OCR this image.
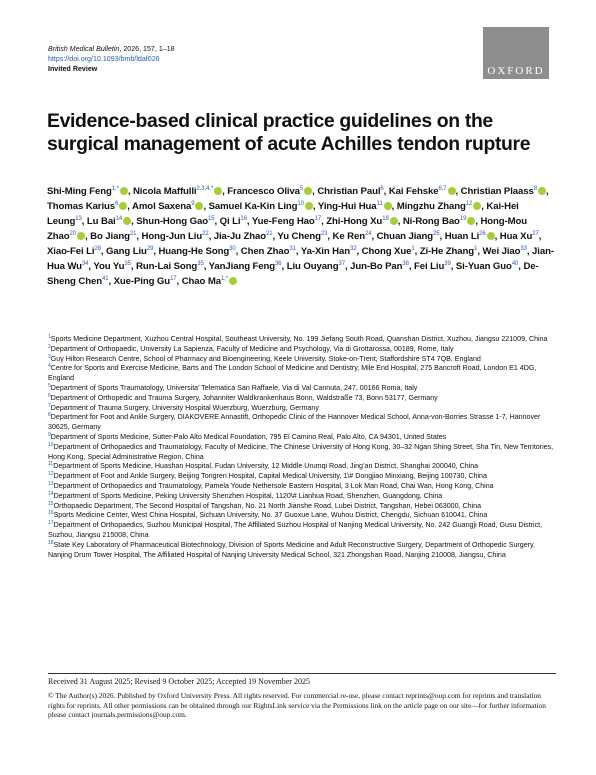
British Medical Bulletin, 2026, 157, 1–18
https://doi.org/10.1093/bmb/ldaf026
Invited Review	OXFORD
Evidence-based clinical practice guidelines on the surgical management of acute Achilles tendon rupture

Shi-Ming Feng$^{1,*}$ , Nicola Maffulli$^{2,3,4,*}$ , Francesco Oliva$^5$ , Christian Paul$^6$, Kai Fehske$^{6,7}$ , Christian Plaass$^8$ , Thomas Karius$^6$ , Amol Saxena$^9$ , Samuel Ka-Kin Ling$^{10}$ , Ying-Hui Hua$^{11}$ , Mingzhu Zhang$^{12}$ , Kai-Hei Leung$^{13}$, Lu Bai$^{14}$ , Shun-Hong Gao$^{15}$, Qi Li$^{16}$, Yue-Feng Hao$^{17}$, Zhi-Hong Xu$^{18}$ , Ni-Rong Bao$^{19}$ , Hong-Mou Zhao$^{20}$ , Bo Jiang$^{21}$, Hong-Jun Liu$^{22}$, Jia-Ju Zhao$^{21}$, Yu Cheng$^{23}$, Ke Ren$^{24}$, Chuan Jiang$^{25}$, Huan Li$^{26}$ , Hua Xu$^{27}$, Xiao-Fei Li$^{28}$, Gang Liu$^{29}$, Huang-He Song$^{30}$, Chen Zhao$^{31}$, Ya-Xin Han$^{32}$, Chong Xue$^1$, Zi-He Zhang$^1$, Wei Jiao$^{33}$, Jian-Hua Wu$^{34}$, You Yu$^{35}$, Run-Lai Song$^{35}$, YanJiang Feng$^{36}$, Liu Ouyang$^{37}$, Jun-Bo Pan$^{38}$, Fei Liu$^{39}$, Si-Yuan Guo$^{40}$, De-Sheng Chen$^{41}$, Xue-Ping Gu$^{17}$, Chao $Ma^{1,*}$

$^1$Sports Medicine Department, Xuzhou Central Hospital, Southeast University, No. 199 Jiefang South Road, Quanshan District, Xuzhou, Jiangsu 221009, China

$^2$Department of Orthopaedic, University La Sapienza, Faculty of Medicine and Psychology, Via di Grottarossa, 00189, Rome, Italy

$^3$Guy Hilton Research Centre, School of Pharmacy and Bioengineering, Keele University, Stoke-on-Trent, Staffordshire ST4 7QB, England

$^4$Centre for Sports and Exercise Medicine, Barts and The London School of Medicine and Dentistry, Mile End Hospital, 275 Bancroft Road, London E1 4DG, England

$^5$Department of Sports Traumatology, Universita’ Telematica San Raffaele, Via di Val Cannuta, 247, 00166 Roma, Italy

$^6$Department of Orthopedic and Trauma Surgery, Johanniter Waldkrankenhaus Bonn, Waldstraße 73, Bonn 53177, Germany

$^7$Department of Trauma Surgery, University Hospital Wuerzburg, Wuerzburg, Germany

$^8$Department for Foot and Ankle Surgery, DIAKOVERE Annastift, Orthopedic Clinic of the Hannover Medical School, Anna-von-Borries Strasse 1-7, Hannover 30625, Germany

$^9$Department of Sports Medicine, Sutter-Palo Alto Medical Foundation, 795 El Camino Real, Palo Alto, CA 94301, United States

$^{10}$Department of Orthopaedics and Traumatology, Faculty of Medicine, The Chinese University of Hong Kong, 30–32 Ngan Shing Street, Sha Tin, New Territories, Hong Kong, Special Administrative Region, China

$^{11}$Department of Sports Medicine, Huashan Hospital, Fudan University, 12 Middle Urumqi Road, Jing’an District, Shanghai 200040, China

$^{12}$Department of Foot and Ankle Surgery, Beijing Tongren Hospital, Capital Medical University, 1\# Dongjiao Minxiang, Beijing 100730, China

$^{13}$Department of Orthopaedics and Traumatology, Pamela Youde Nethersole Eastern Hospital, 3 Lok Man Road, Chai Wan, Hong Kong, China

$^{14}$Department of Sports Medicine, Peking University Shenzhen Hospital, 1120\# Lianhua Road, Shenzhen, Guangdong, China

$^{15}$Orthopaedic Department, The Second Hospital of Tangshan, No. 21 North Jianshe Road, Lubei District, Tangshan, Hebei 063000, China

$^{16}$Sports Medicine Center, West China Hospital, Sichuan University, No. 37 Guoxue Lane, Wuhou District, Chengdu, Sichuan 610041, China

$^{17}$Department of Orthopaedics, Suzhou Municipal Hospital, The Affiliated Suzhou Hospital of Nanjing Medical University, No. 242 Guangji Road, Gusu District, Suzhou, Jiangsu 215008, China

$^{18}$State Key Laboratory of Pharmaceutical Biotechnology, Division of Sports Medicine and Adult Reconstructive Surgery, Department of Orthopedic Surgery, Nanjing Drum Tower Hospital, The Affiliated Hospital of Nanjing University Medical School, 321 Zhongshan Road, Nanjing 210008, Jiangsu, China

Received 31 August 2025; Revised 9 October 2025; Accepted 19 November 2025
© The Author(s) 2026. Published by Oxford University Press. All rights reserved. For commercial re-use, please contact reprints@oup.com for reprints and translation rights for reprints. All other permissions can be obtained through our RightsLink service via the Permissions link on the article page on our site—for further information please contact journals.permissions@oup.com.
